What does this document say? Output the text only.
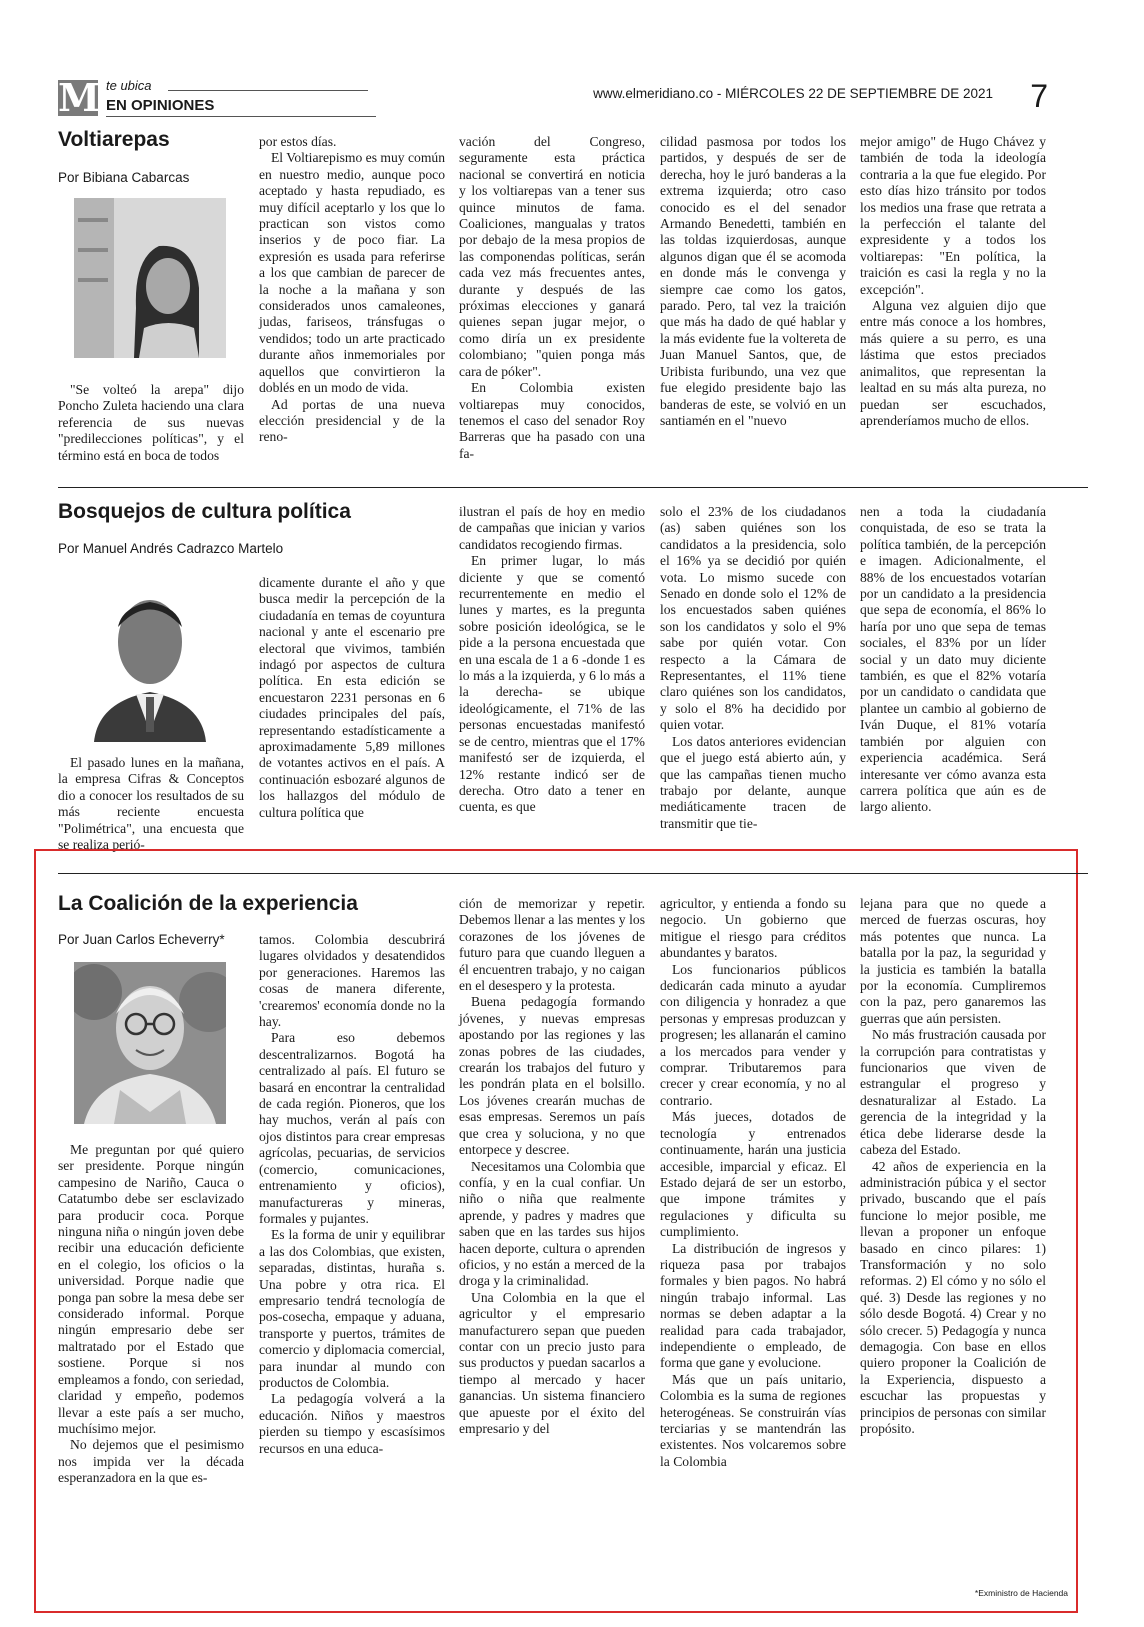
M te ubica
EN OPINIONES
www.elmeridiano.co - MIÉRCOLES 22 DE SEPTIEMBRE DE 2021 7
Voltiarepas
Por Bibiana Cabarcas

"Se volteó la arepa" dijo Poncho Zuleta haciendo una clara referencia de sus nuevas "predilecciones políticas", y el término está en boca de todos

por estos días.

El Voltiarepismo es muy común en nuestro medio, aunque poco aceptado y hasta repudiado, es muy difícil aceptarlo y los que lo practican son vistos como inserios y de poco fiar. La expresión es usada para referirse a los que cambian de parecer de la noche a la mañana y son considerados unos camaleones, judas, fariseos, tránsfugas o vendidos; todo un arte practicado durante años inmemoriales por aquellos que convirtieron la doblés en un modo de vida.

Ad portas de una nueva elección presidencial y de la reno-

vación del Congreso, seguramente esta práctica nacional se convertirá en noticia y los voltiarepas van a tener sus quince minutos de fama. Coaliciones, mangualas y tratos por debajo de la mesa propios de las componendas políticas, serán cada vez más frecuentes antes, durante y después de las próximas elecciones y ganará quienes sepan jugar mejor, o como diría un ex presidente colombiano; "quien ponga más cara de póker".

En Colombia existen voltiarepas muy conocidos, tenemos el caso del senador Roy Barreras que ha pasado con una fa-

cilidad pasmosa por todos los partidos, y después de ser de derecha, hoy le juró banderas a la extrema izquierda; otro caso conocido es el del senador Armando Benedetti, también en las toldas izquierdosas, aunque algunos digan que él se acomoda en donde más le convenga y siempre cae como los gatos, parado. Pero, tal vez la traición que más ha dado de qué hablar y la más evidente fue la voltereta de Juan Manuel Santos, que, de Uribista furibundo, una vez que fue elegido presidente bajo las banderas de este, se volvió en un santiamén en el "nuevo

mejor amigo" de Hugo Chávez y también de toda la ideología contraria a la que fue elegido. Por esto días hizo tránsito por todos los medios una frase que retrata a la perfección el talante del expresidente y a todos los voltiarepas: "En política, la traición es casi la regla y no la excepción".

Alguna vez alguien dijo que entre más conoce a los hombres, más quiere a su perro, es una lástima que estos preciados animalitos, que representan la lealtad en su más alta pureza, no puedan ser escuchados, aprenderíamos mucho de ellos.

Bosquejos de cultura política
Por Manuel Andrés Cadrazco Martelo

El pasado lunes en la mañana, la empresa Cifras & Conceptos dio a conocer los resultados de su más reciente encuesta "Polimétrica", una encuesta que se realiza perió-

dicamente durante el año y que busca medir la percepción de la ciudadanía en temas de coyuntura nacional y ante el escenario pre electoral que vivimos, también indagó por aspectos de cultura política. En esta edición se encuestaron 2231 personas en 6 ciudades principales del país, representando estadísticamente a aproximadamente 5,89 millones de votantes activos en el país. A continuación esbozaré algunos de los hallazgos del módulo de cultura política que

ilustran el país de hoy en medio de campañas que inician y varios candidatos recogiendo firmas.

En primer lugar, lo más diciente y que se comentó recurrentemente en medio el lunes y martes, es la pregunta sobre posición ideológica, se le pide a la persona encuestada que en una escala de 1 a 6 -donde 1 es lo más a la izquierda, y 6 lo más a la derecha- se ubique ideológicamente, el 71% de las personas encuestadas manifestó se de centro, mientras que el 17% manifestó ser de izquierda, el 12% restante indicó ser de derecha. Otro dato a tener en cuenta, es que

solo el 23% de los ciudadanos (as) saben quiénes son los candidatos a la presidencia, solo el 16% ya se decidió por quién vota. Lo mismo sucede con Senado en donde solo el 12% de los encuestados saben quiénes son los candidatos y solo el 9% sabe por quién votar. Con respecto a la Cámara de Representantes, el 11% tiene claro quiénes son los candidatos, y solo el 8% ha decidido por quien votar.

Los datos anteriores evidencian que el juego está abierto aún, y que las campañas tienen mucho trabajo por delante, aunque mediáticamente tracen de transmitir que tie-

nen a toda la ciudadanía conquistada, de eso se trata la política también, de la percepción e imagen. Adicionalmente, el 88% de los encuestados votarían por un candidato a la presidencia que sepa de economía, el 86% lo haría por uno que sepa de temas sociales, el 83% por un líder social y un dato muy diciente también, es que el 82% votaría por un candidato o candidata que plantee un cambio al gobierno de Iván Duque, el 81% votaría también por alguien con experiencia académica. Será interesante ver cómo avanza esta carrera política que aún es de largo aliento.

La Coalición de la experiencia
Por Juan Carlos Echeverry*

Me preguntan por qué quiero ser presidente. Porque ningún campesino de Nariño, Cauca o Catatumbo debe ser esclavizado para producir coca. Porque ninguna niña o ningún joven debe recibir una educación deficiente en el colegio, los oficios o la universidad. Porque nadie que ponga pan sobre la mesa debe ser considerado informal. Porque ningún empresario debe ser maltratado por el Estado que sostiene. Porque si nos empleamos a fondo, con seriedad, claridad y empeño, podemos llevar a este país a ser mucho, muchísimo mejor.

No dejemos que el pesimismo nos impida ver la década esperanzadora en la que es-

tamos. Colombia descubrirá lugares olvidados y desatendidos por generaciones. Haremos las cosas de manera diferente, 'crearemos' economía donde no la hay.

Para eso debemos descentralizarnos. Bogotá ha centralizado al país. El futuro se basará en encontrar la centralidad de cada región. Pioneros, que los hay muchos, verán al país con ojos distintos para crear empresas agrícolas, pecuarias, de servicios (comercio, comunicaciones, entrenamiento y oficios), manufactureras y mineras, formales y pujantes.

Es la forma de unir y equilibrar a las dos Colombias, que existen, separadas, distintas, huraña s. Una pobre y otra rica. El empresario tendrá tecnología de pos-cosecha, empaque y aduana, transporte y puertos, trámites de comercio y diplomacia comercial, para inundar al mundo con productos de Colombia.

La pedagogía volverá a la educación. Niños y maestros pierden su tiempo y escasísimos recursos en una educa-

ción de memorizar y repetir. Debemos llenar a las mentes y los corazones de los jóvenes de futuro para que cuando lleguen a él encuentren trabajo, y no caigan en el desespero y la protesta.

Buena pedagogía formando jóvenes, y nuevas empresas apostando por las regiones y las zonas pobres de las ciudades, crearán los trabajos del futuro y les pondrán plata en el bolsillo. Los jóvenes crearán muchas de esas empresas. Seremos un país que crea y soluciona, y no que entorpece y descree.

Necesitamos una Colombia que confía, y en la cual confiar. Un niño o niña que realmente aprende, y padres y madres que saben que en las tardes sus hijos hacen deporte, cultura o aprenden oficios, y no están a merced de la droga y la criminalidad.

Una Colombia en la que el agricultor y el empresario manufacturero sepan que pueden contar con un precio justo para sus productos y puedan sacarlos a tiempo al mercado y hacer ganancias. Un sistema financiero que apueste por el éxito del empresario y del

agricultor, y entienda a fondo su negocio. Un gobierno que mitigue el riesgo para créditos abundantes y baratos.

Los funcionarios públicos dedicarán cada minuto a ayudar con diligencia y honradez a que personas y empresas produzcan y progresen; les allanarán el camino a los mercados para vender y comprar. Tributaremos para crecer y crear economía, y no al contrario.

Más jueces, dotados de tecnología y entrenados continuamente, harán una justicia accesible, imparcial y eficaz. El Estado dejará de ser un estorbo, que impone trámites y regulaciones y dificulta su cumplimiento.

La distribución de ingresos y riqueza pasa por trabajos formales y bien pagos. No habrá ningún trabajo informal. Las normas se deben adaptar a la realidad para cada trabajador, independiente o empleado, de forma que gane y evolucione.

Más que un país unitario, Colombia es la suma de regiones heterogéneas. Se construirán vías terciarias y se mantendrán las existentes. Nos volcaremos sobre la Colombia

lejana para que no quede a merced de fuerzas oscuras, hoy más potentes que nunca. La batalla por la paz, la seguridad y la justicia es también la batalla por la economía. Cumpliremos con la paz, pero ganaremos las guerras que aún persisten.

No más frustración causada por la corrupción para contratistas y funcionarios que viven de estrangular el progreso y desnaturalizar al Estado. La gerencia de la integridad y la ética debe liderarse desde la cabeza del Estado.

42 años de experiencia en la administración púbica y el sector privado, buscando que el país funcione lo mejor posible, me llevan a proponer un enfoque basado en cinco pilares: 1) Transformación y no solo reformas. 2) El cómo y no sólo el qué. 3) Desde las regiones y no sólo desde Bogotá. 4) Crear y no sólo crecer. 5) Pedagogía y nunca demagogia. Con base en ellos quiero proponer la Coalición de la Experiencia, dispuesto a escuchar las propuestas y principios de personas con similar propósito.

*Exministro de Hacienda
